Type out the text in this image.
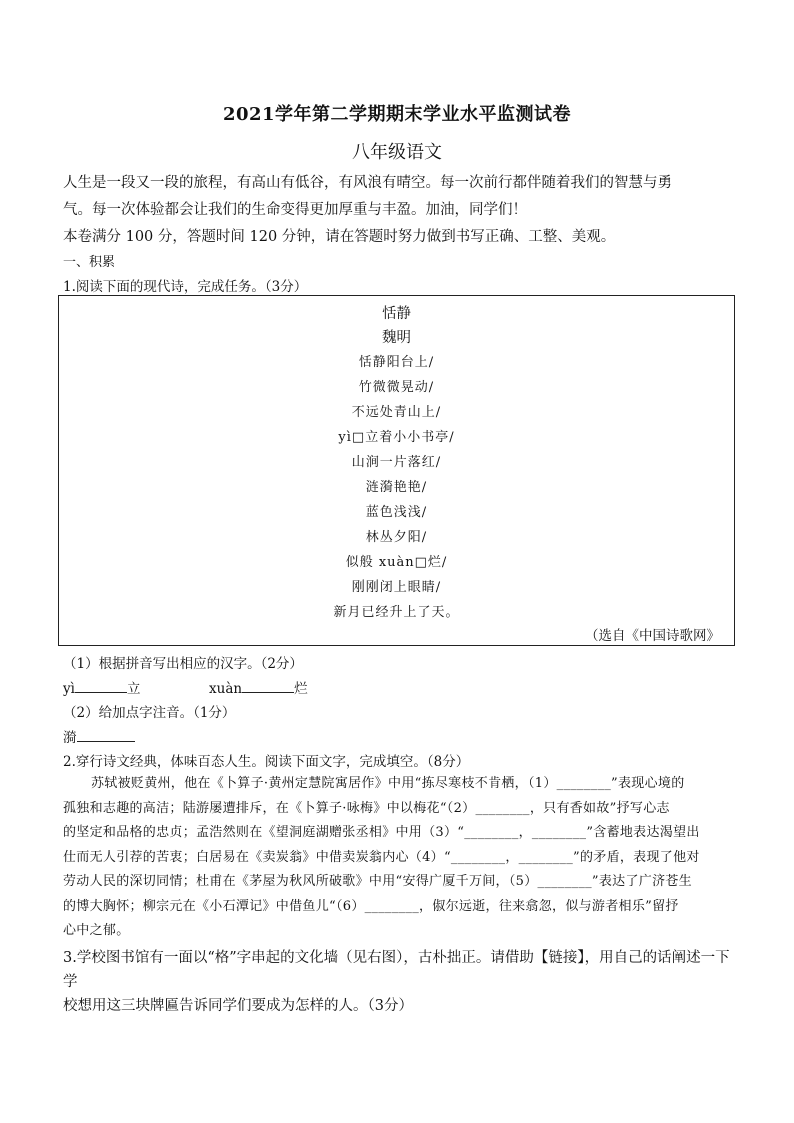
2021学年第二学期期末学业水平监测试卷
八年级语文
人生是一段又一段的旅程，有高山有低谷，有风浪有晴空。每一次前行都伴随着我们的智慧与勇
气。每一次体验都会让我们的生命变得更加厚重与丰盈。加油，同学们！
本卷满分 100 分，答题时间 120 分钟，请在答题时努力做到书写正确、工整、美观。
一、积累
1.阅读下面的现代诗，完成任务。（3分）
恬静
魏明
恬静阳台上/
竹微微晃动/
不远处青山上/
yì□立着小小书亭/
山涧一片落红/
涟漪艳艳/
蓝色浅浅/
林丛夕阳/
似般 xuàn□烂/
刚刚闭上眼睛/
新月已经升上了天。
（选自《中国诗歌网》
（1）根据拼音写出相应的汉字。（2分）
yì	立	xuàn	烂
（2）给加点字注音。（1分）
漪
2.穿行诗文经典，体味百态人生。阅读下面文字，完成填空。（8分）
苏轼被贬黄州，他在《卜算子·黄州定慧院寓居作》中用“拣尽寒枝不肯栖，（1）________”表现心境的
孤独和志趣的高洁；陆游屡遭排斥，在《卜算子·咏梅》中以梅花“（2）________，只有香如故”抒写心志
的坚定和品格的忠贞；孟浩然则在《望洞庭湖赠张丞相》中用（3）“________，________”含蓄地表达渴望出
仕而无人引荐的苦衷；白居易在《卖炭翁》中借卖炭翁内心（4）“________，________”的矛盾，表现了他对
劳动人民的深切同情；杜甫在《茅屋为秋风所破歌》中用“安得广厦千万间，（5）________”表达了广济苍生
的博大胸怀；柳宗元在《小石潭记》中借鱼儿“（6）________，俶尔远逝，往来翕忽，似与游者相乐”留抒
心中之郁。
3.学校图书馆有一面以“格”字串起的文化墙（见右图），古朴拙正。请借助【链接】，用自己的话阐述一下学
校想用这三块牌匾告诉同学们要成为怎样的人。（3分）
